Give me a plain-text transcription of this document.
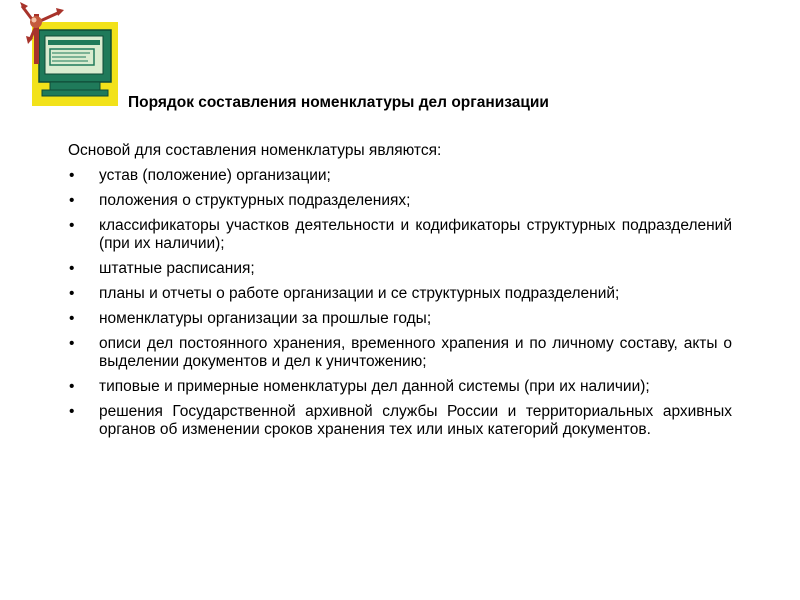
Порядок составления номенклатуры дел организации

Основой для составления номенклатуры являются:

• устав (положение) организации;
• положения о структурных подразделениях;
• классификаторы участков деятельности и кодификаторы структурных подразделений (при их наличии);
• штатные расписания;
• планы и отчеты о работе организации и се структурных подразделений;
• номенклатуры организации за прошлые годы;
• описи дел постоянного хранения, временного храпения и по личному составу, акты о выделении документов и дел к уничтожению;
• типовые и примерные номенклатуры дел данной системы (при их наличии);
• решения Государственной архивной службы России и территориальных архивных органов об изменении сроков хранения тех или иных категорий документов.
